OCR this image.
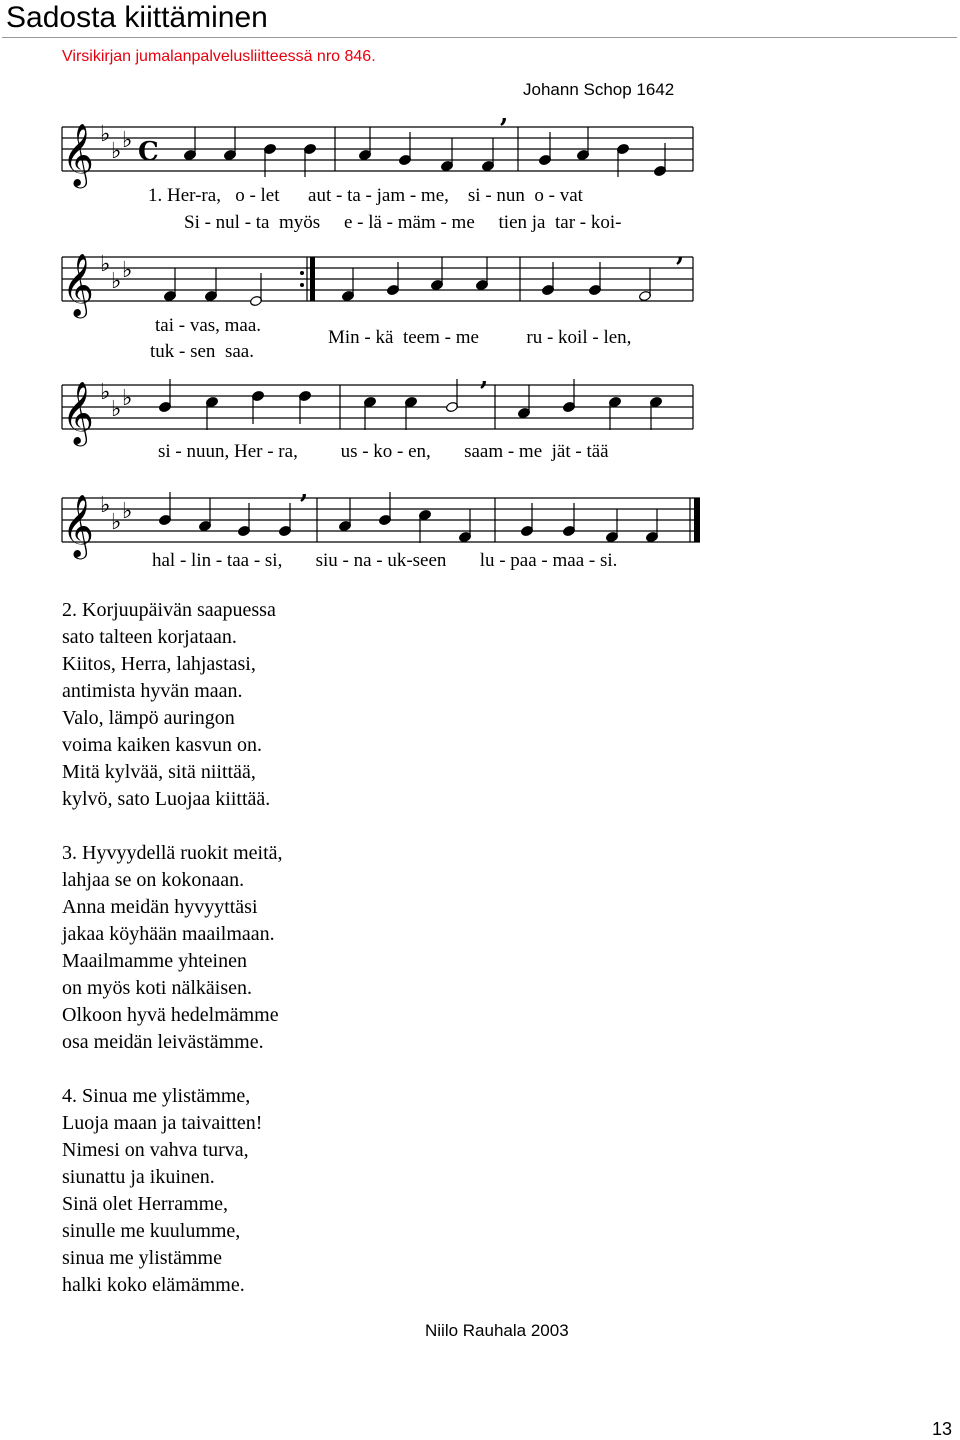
Sadosta kiittäminen
Virsikirjan jumalanpalvelusliitteessä nro 846.
Johann Schop 1642
𝄞 ♭
♭ ♭ C
,
1. Her-ra, o - let aut - ta - jam - me, si - nun o - vat
Si - nul - ta myös e - lä - mäm - me tien ja tar - koi-
𝄞 ♭
♭ ♭
,
tai - vas, maa.
tuk - sen saa.
Min - kä teem - me	ru - koil - len,
𝄞 ♭
♭ ♭
,
si - nuun, Her - ra, us - ko - en, saam - me jät - tää
𝄞 ♭
♭ ♭
,
hal - lin - taa - si, siu - na - uk-seen lu - paa - maa - si.
2. Korjuupäivän saapuessa
sato talteen korjataan.
Kiitos, Herra, lahjastasi,
antimista hyvän maan.
Valo, lämpö auringon
voima kaiken kasvun on.
Mitä kylvää, sitä niittää,
kylvö, sato Luojaa kiittää.
3. Hyvyydellä ruokit meitä,
lahjaa se on kokonaan.
Anna meidän hyvyyttäsi
jakaa köyhään maailmaan.
Maailmamme yhteinen
on myös koti nälkäisen.
Olkoon hyvä hedelmämme
osa meidän leivästämme.
4. Sinua me ylistämme,
Luoja maan ja taivaitten!
Nimesi on vahva turva,
siunattu ja ikuinen.
Sinä olet Herramme,
sinulle me kuulumme,
sinua me ylistämme
halki koko elämämme.
Niilo Rauhala 2003
13
